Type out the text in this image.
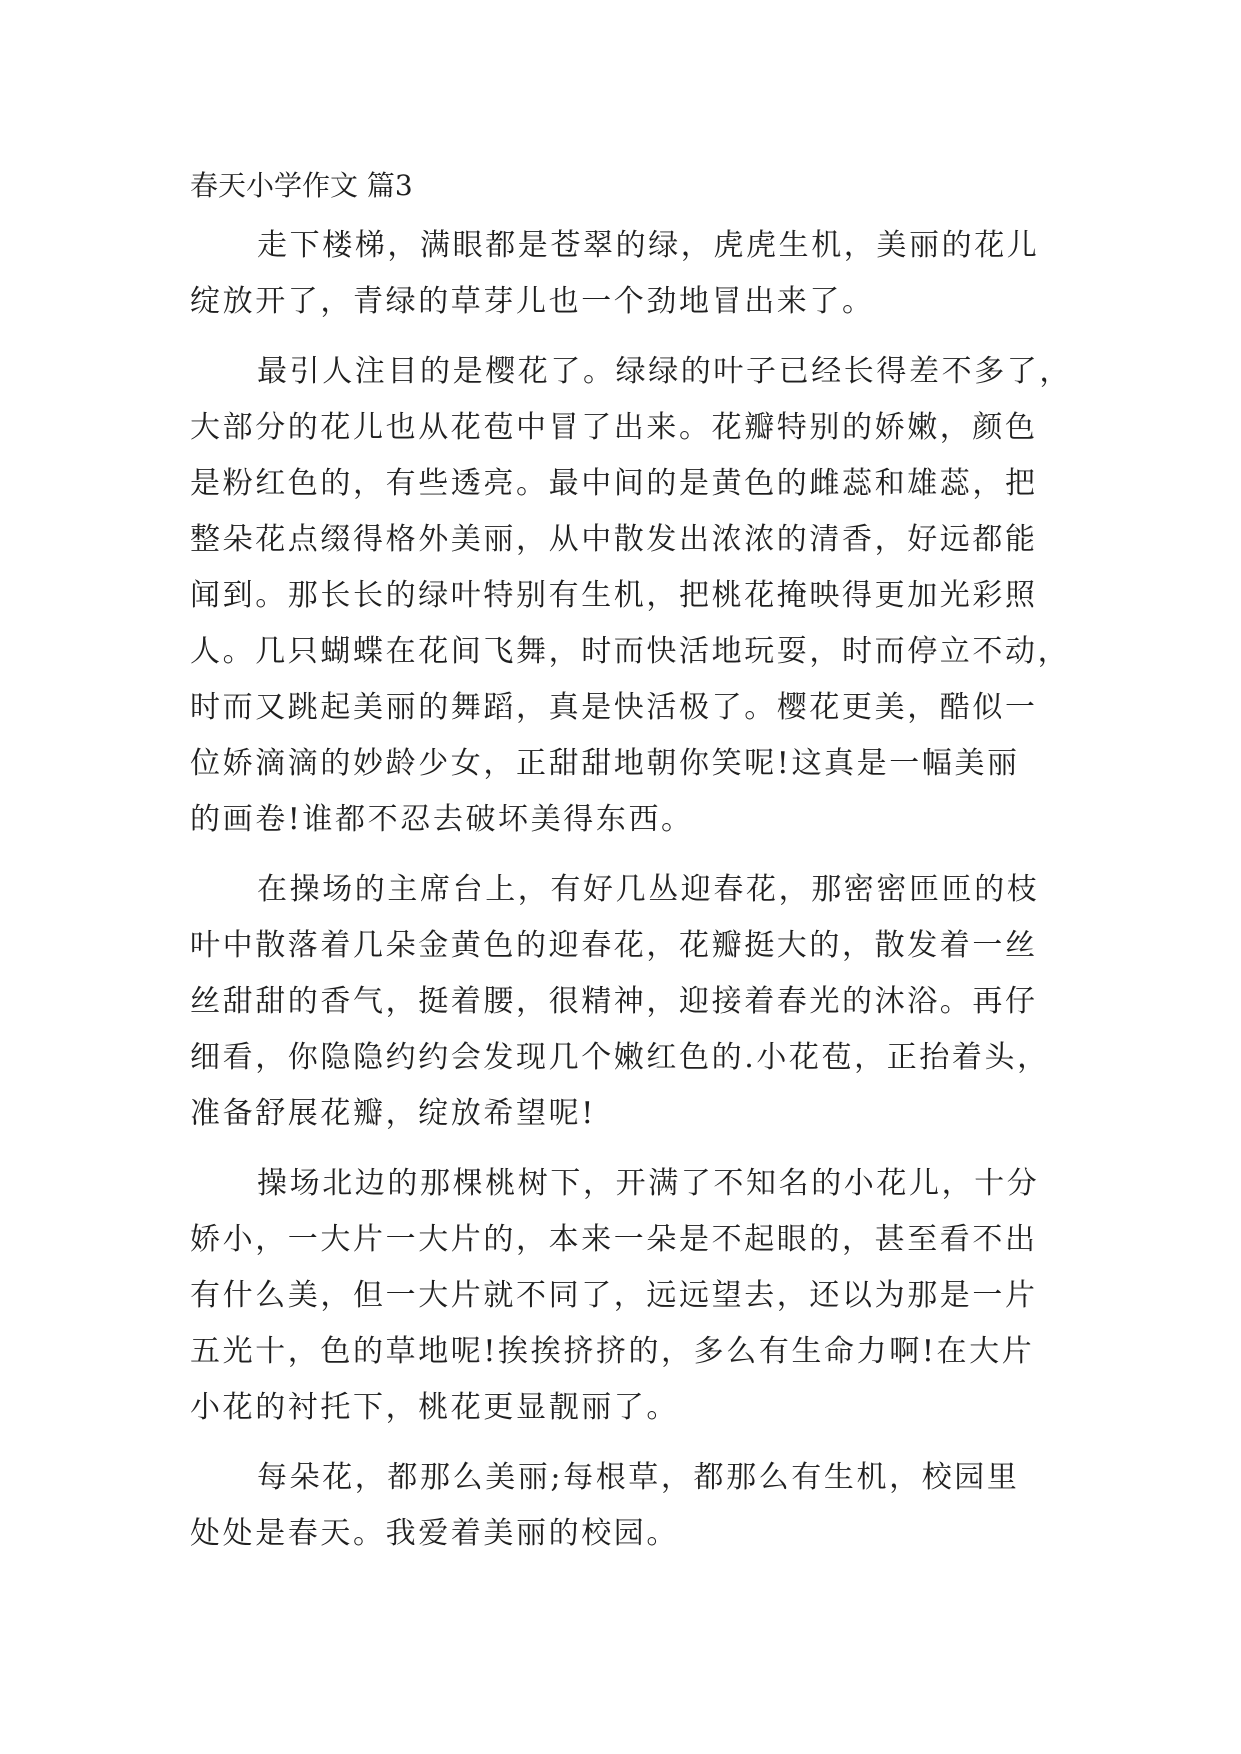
春天小学作文 篇3
走下楼梯，满眼都是苍翠的绿，虎虎生机，美丽的花儿
绽放开了，青绿的草芽儿也一个劲地冒出来了。
最引人注目的是樱花了。绿绿的叶子已经长得差不多了，
大部分的花儿也从花苞中冒了出来。花瓣特别的娇嫩，颜色
是粉红色的，有些透亮。最中间的是黄色的雌蕊和雄蕊，把
整朵花点缀得格外美丽，从中散发出浓浓的清香，好远都能
闻到。那长长的绿叶特别有生机，把桃花掩映得更加光彩照
人。几只蝴蝶在花间飞舞，时而快活地玩耍，时而停立不动，
时而又跳起美丽的舞蹈，真是快活极了。樱花更美，酷似一
位娇滴滴的妙龄少女，正甜甜地朝你笑呢!这真是一幅美丽
的画卷!谁都不忍去破坏美得东西。
在操场的主席台上，有好几丛迎春花，那密密匝匝的枝
叶中散落着几朵金黄色的迎春花，花瓣挺大的，散发着一丝
丝甜甜的香气，挺着腰，很精神，迎接着春光的沐浴。再仔
细看，你隐隐约约会发现几个嫩红色的.小花苞，正抬着头，
准备舒展花瓣，绽放希望呢!
操场北边的那棵桃树下，开满了不知名的小花儿，十分
娇小，一大片一大片的，本来一朵是不起眼的，甚至看不出
有什么美，但一大片就不同了，远远望去，还以为那是一片
五光十，色的草地呢!挨挨挤挤的，多么有生命力啊!在大片
小花的衬托下，桃花更显靓丽了。
每朵花，都那么美丽;每根草，都那么有生机，校园里
处处是春天。我爱着美丽的校园。
